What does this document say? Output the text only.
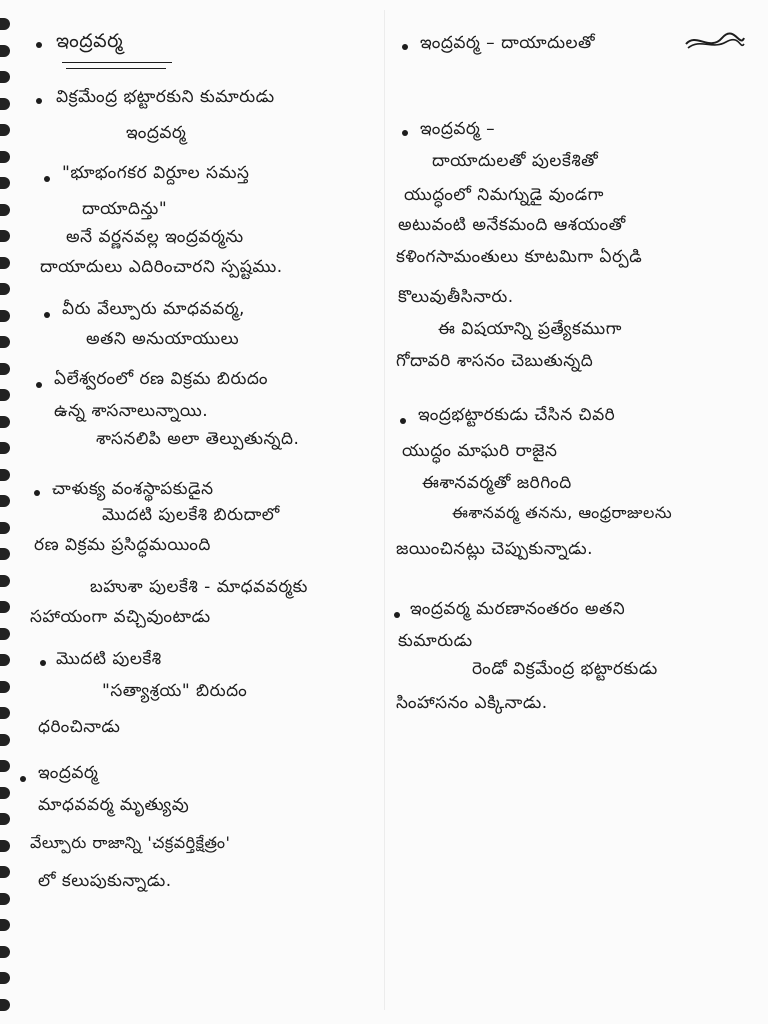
ఇంద్రవర్మ
విక్రమేంద్ర భట్టారకుని కుమారుడు
ఇంద్రవర్మ
"భూభంగకర విర్దూల సమస్త
దాయాదిన్తు"
అనే వర్ణనవల్ల ఇంద్రవర్మను
దాయాదులు ఎదిరించారని స్పష్టము.
వీరు వేల్పూరు మాధవవర్మ,
అతని అనుయాయులు
ఏలేశ్వరంలో రణ విక్రమ బిరుదం
ఉన్న శాసనాలున్నాయి.
శాసనలిపి అలా తెల్పుతున్నది.
చాళుక్య వంశస్థాపకుడైన
మొదటి పులకేశి బిరుదాలో
రణ విక్రమ ప్రసిద్ధమయింది
బహుశా పులకేశి - మాధవవర్మకు
సహాయంగా వచ్చివుంటాడు
మొదటి పులకేశి
"సత్యాశ్రయ" బిరుదం
ధరించినాడు
ఇంద్రవర్మ
మాధవవర్మ మృత్యువు
వేల్పూరు రాజాన్ని 'చక్రవర్తిక్షేత్రం'
లో కలుపుకున్నాడు.
ఇంద్రవర్మ – దాయాదులతో
ఇంద్రవర్మ –
దాయాదులతో పులకేశితో
యుద్ధంలో నిమగ్నుడై వుండగా
అటువంటి అనేకమంది ఆశయంతో
కళింగసామంతులు కూటమిగా ఏర్పడి
కొలువుతీసినారు.
ఈ విషయాన్ని ప్రత్యేకముగా
గోదావరి శాసనం చెబుతున్నది
ఇంద్రభట్టారకుడు చేసిన చివరి
యుద్ధం మాఘరి రాజైన
ఈశానవర్మతో జరిగింది
ఈశానవర్మ తనను, ఆంధ్రరాజులను
జయించినట్లు చెప్పుకున్నాడు.
ఇంద్రవర్మ మరణానంతరం అతని
కుమారుడు
రెండో విక్రమేంద్ర భట్టారకుడు
సింహాసనం ఎక్కినాడు.
